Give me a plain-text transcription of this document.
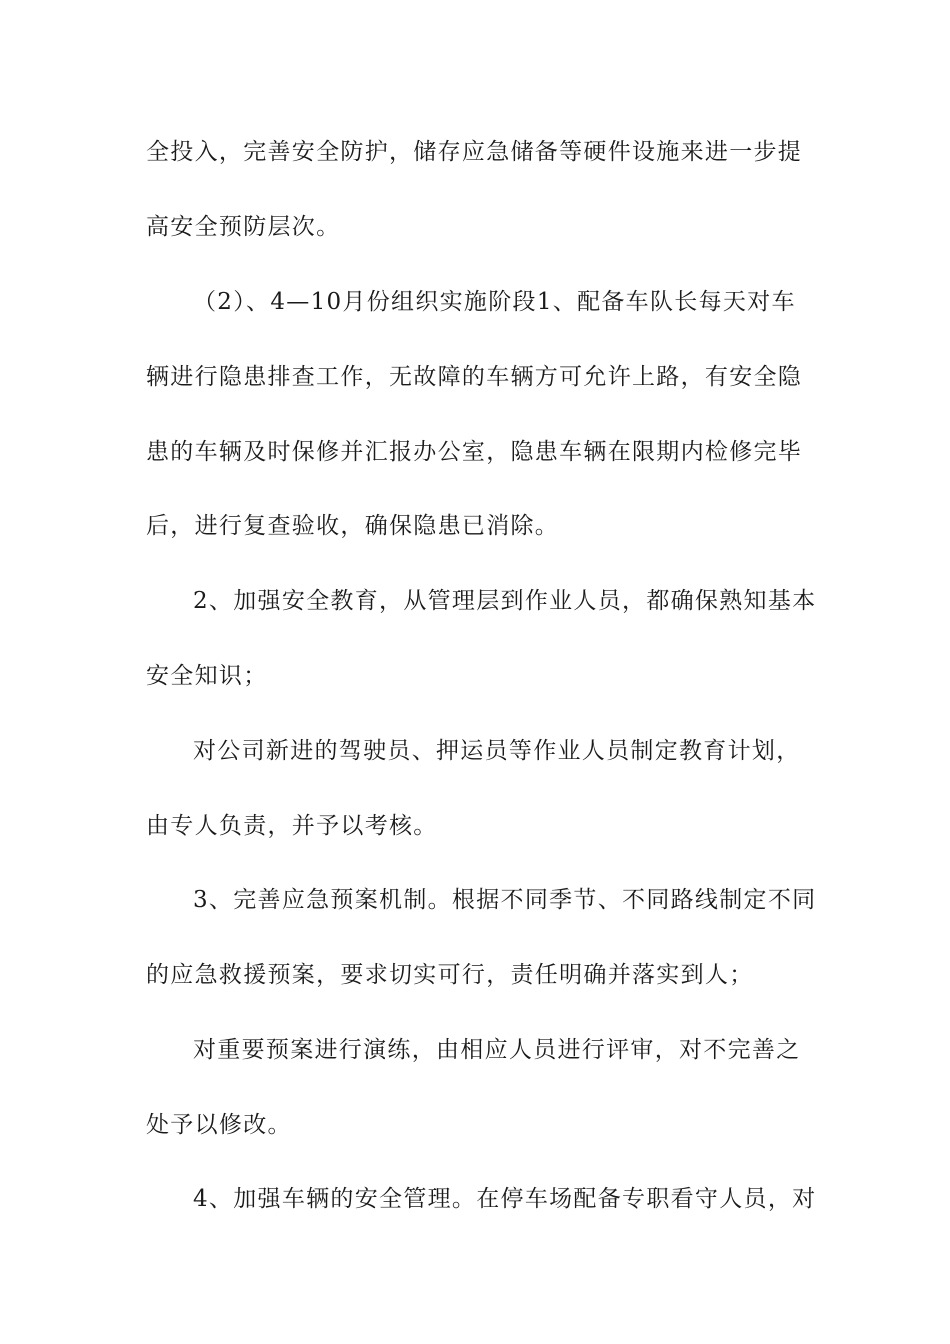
全投入，完善安全防护，储存应急储备等硬件设施来进一步提
高安全预防层次。
（2）、4—10月份组织实施阶段1、配备车队长每天对车
辆进行隐患排查工作，无故障的车辆方可允许上路，有安全隐
患的车辆及时保修并汇报办公室，隐患车辆在限期内检修完毕
后，进行复查验收，确保隐患已消除。
2、加强安全教育，从管理层到作业人员，都确保熟知基本
安全知识；
对公司新进的驾驶员、押运员等作业人员制定教育计划，
由专人负责，并予以考核。
3、完善应急预案机制。根据不同季节、不同路线制定不同
的应急救援预案，要求切实可行，责任明确并落实到人；
对重要预案进行演练，由相应人员进行评审，对不完善之
处予以修改。
4、加强车辆的安全管理。在停车场配备专职看守人员，对
